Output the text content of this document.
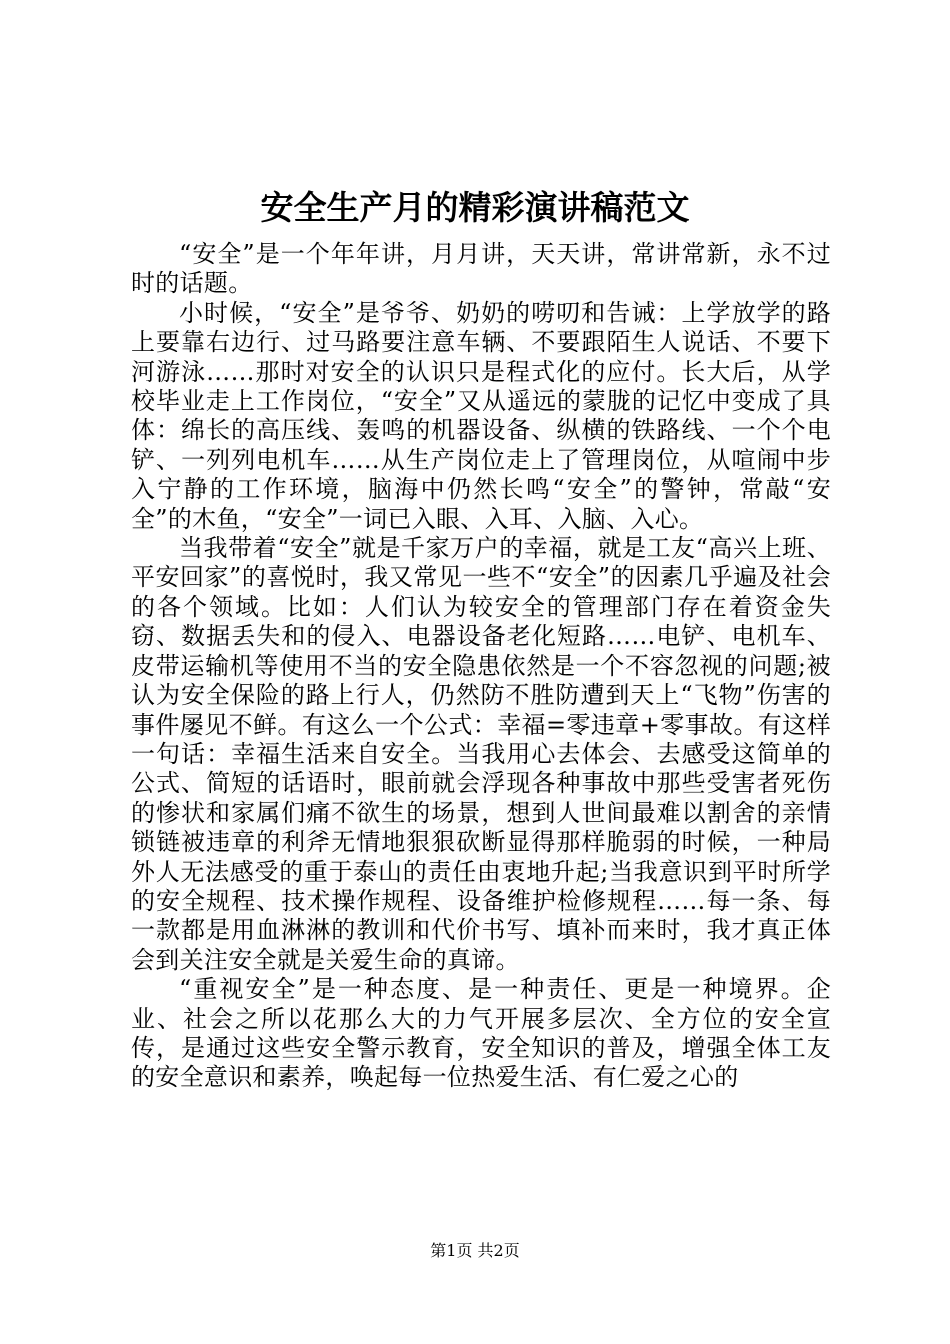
安全生产月的精彩演讲稿范文

“安全”是一个年年讲，月月讲，天天讲，常讲常新，永不过时的话题。

小时候，“安全”是爷爷、奶奶的唠叨和告诫：上学放学的路上要靠右边行、过马路要注意车辆、不要跟陌生人说话、不要下河游泳……那时对安全的认识只是程式化的应付。长大后，从学校毕业走上工作岗位，“安全”又从遥远的蒙胧的记忆中变成了具体：绵长的高压线、轰鸣的机器设备、纵横的铁路线、一个个电铲、一列列电机车……从生产岗位走上了管理岗位，从喧闹中步入宁静的工作环境，脑海中仍然长鸣“安全”的警钟，常敲“安全”的木鱼，“安全”一词已入眼、入耳、入脑、入心。

当我带着“安全”就是千家万户的幸福，就是工友“高兴上班、平安回家”的喜悦时，我又常见一些不“安全”的因素几乎遍及社会的各个领域。比如：人们认为较安全的管理部门存在着资金失窃、数据丢失和的侵入、电器设备老化短路……电铲、电机车、皮带运输机等使用不当的安全隐患依然是一个不容忽视的问题;被认为安全保险的路上行人，仍然防不胜防遭到天上“飞物”伤害的事件屡见不鲜。有这么一个公式：幸福=零违章+零事故。有这样一句话：幸福生活来自安全。当我用心去体会、去感受这简单的公式、简短的话语时，眼前就会浮现各种事故中那些受害者死伤的惨状和家属们痛不欲生的场景，想到人世间最难以割舍的亲情锁链被违章的利斧无情地狠狠砍断显得那样脆弱的时候，一种局外人无法感受的重于泰山的责任由衷地升起;当我意识到平时所学的安全规程、技术操作规程、设备维护检修规程……每一条、每一款都是用血淋淋的教训和代价书写、填补而来时，我才真正体会到关注安全就是关爱生命的真谛。

“重视安全”是一种态度、是一种责任、更是一种境界。企业、社会之所以花那么大的力气开展多层次、全方位的安全宣传，是通过这些安全警示教育，安全知识的普及，增强全体工友的安全意识和素养，唤起每一位热爱生活、有仁爱之心的

第1页 共2页
